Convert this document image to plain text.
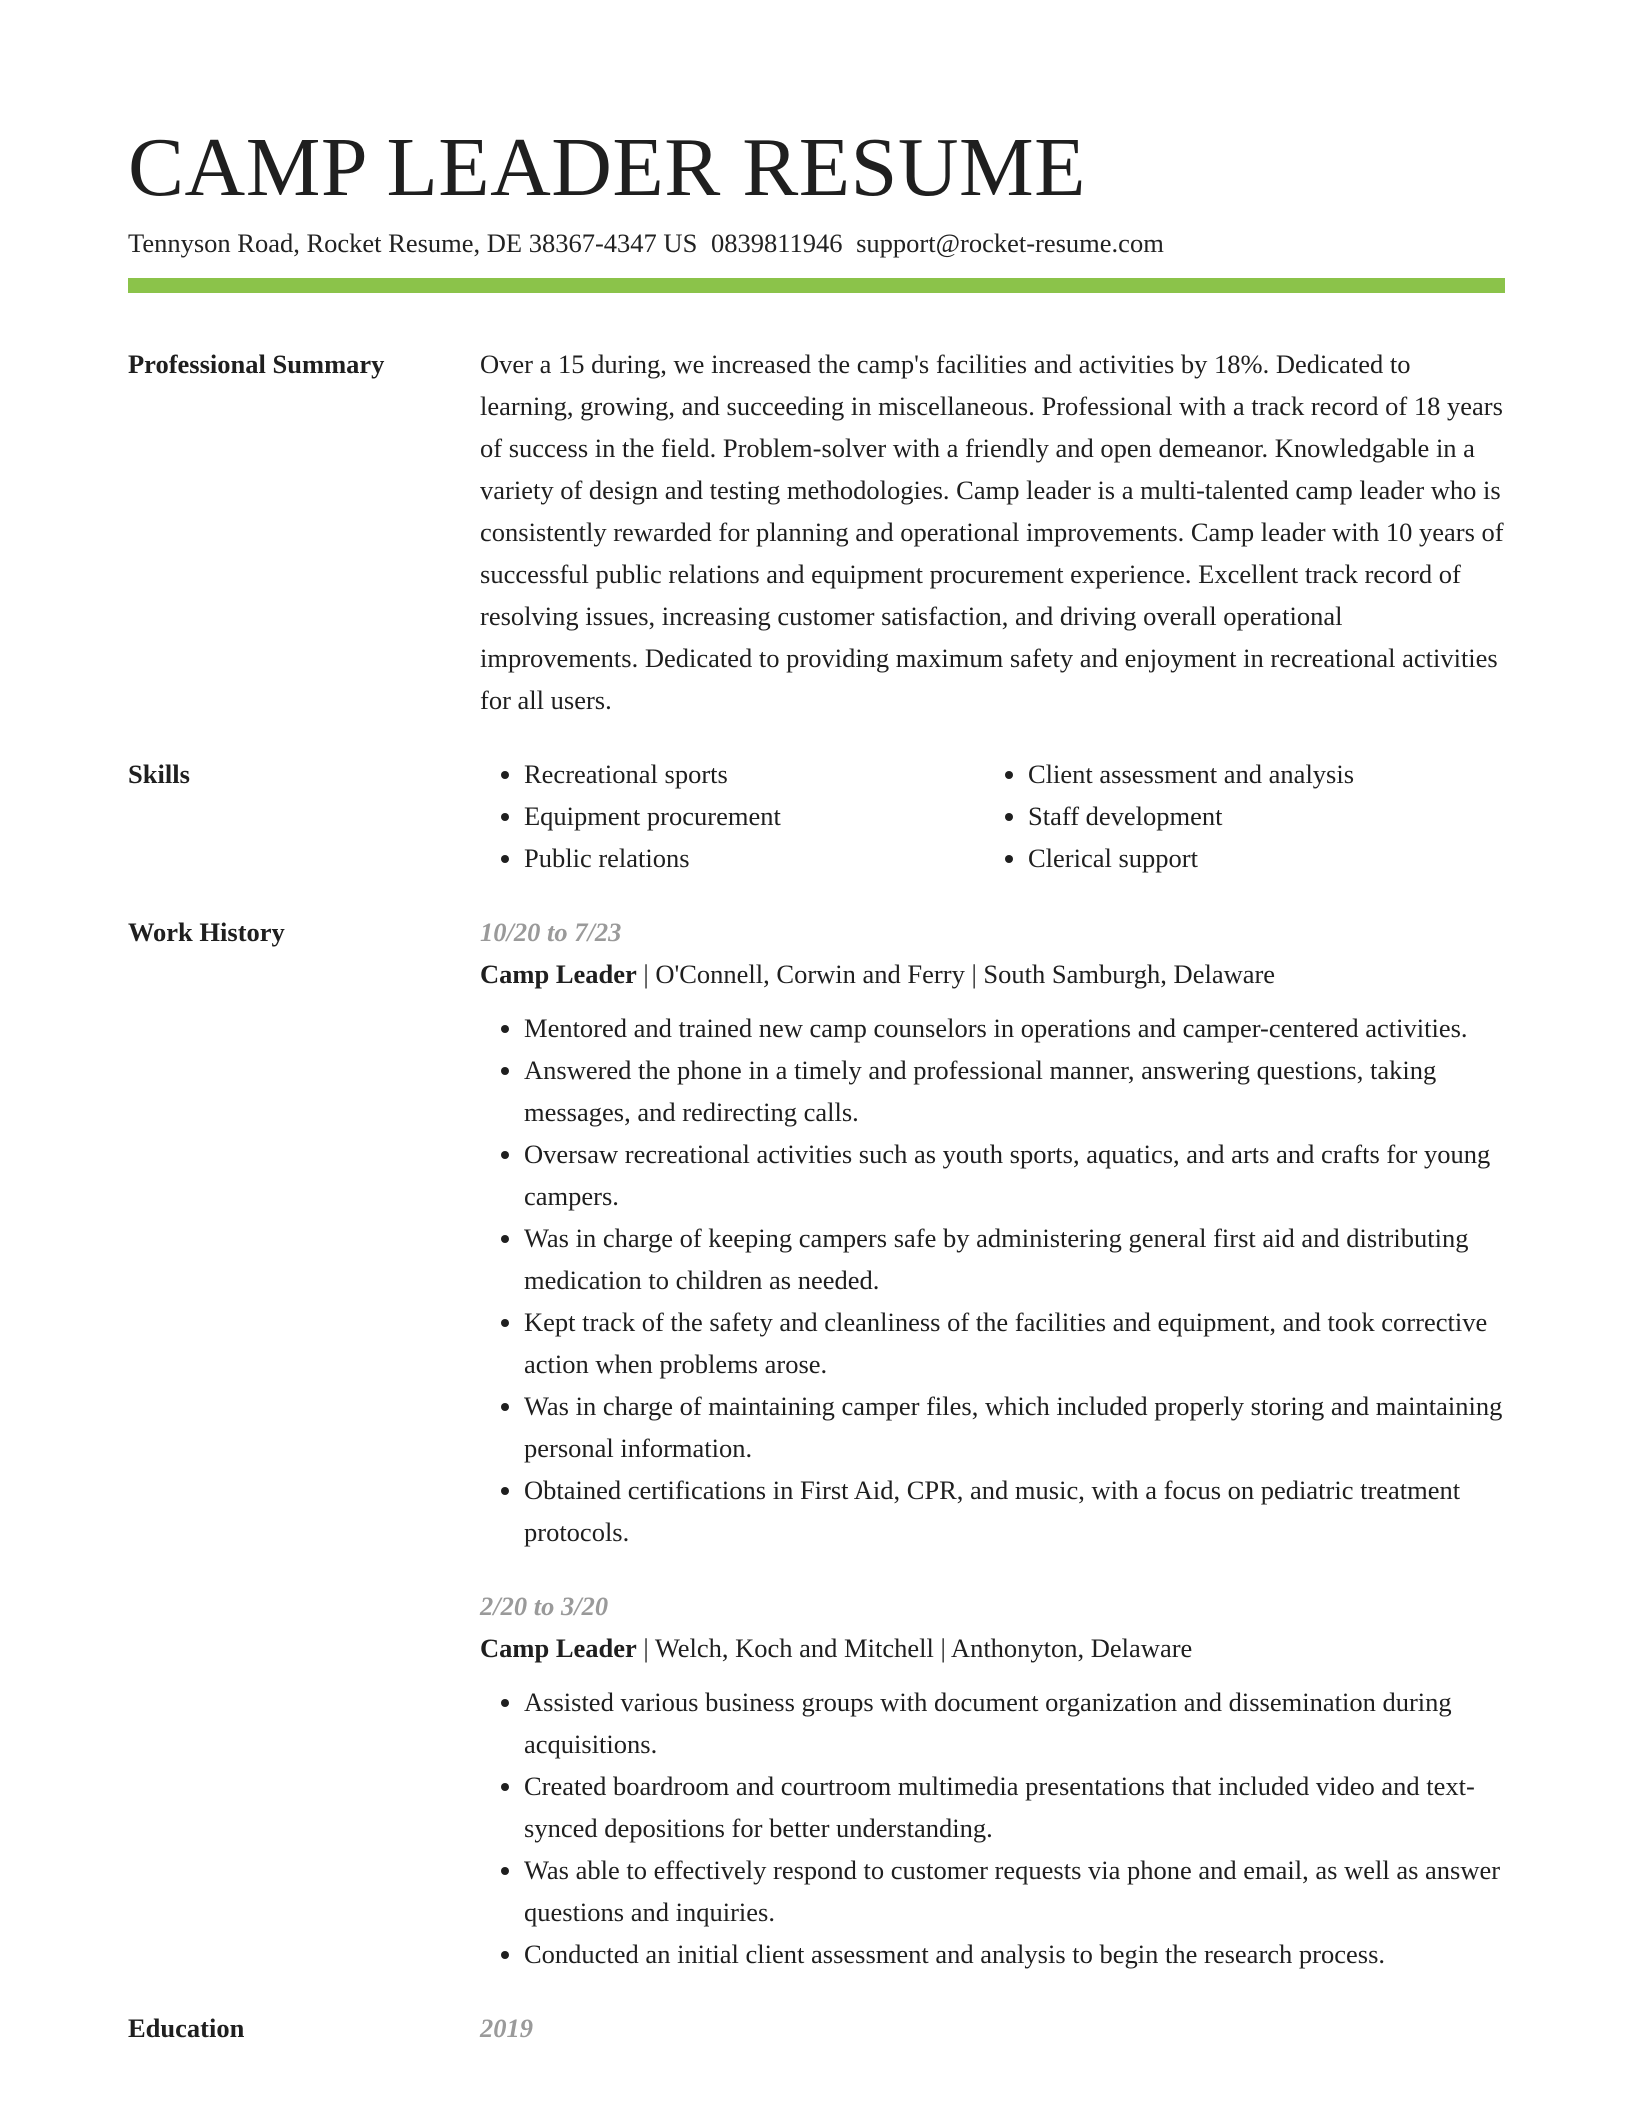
CAMP LEADER RESUME
Tennyson Road, Rocket Resume, DE 38367-4347 US 0839811946 support@rocket-resume.com
Professional Summary	Over a 15 during, we increased the camp's facilities and activities by 18%. Dedicated to learning, growing, and succeeding in miscellaneous. Professional with a track record of 18 years of success in the field. Problem-solver with a friendly and open demeanor. Knowledgable in a variety of design and testing methodologies. Camp leader is a multi-talented camp leader who is consistently rewarded for planning and operational improvements. Camp leader with 10 years of successful public relations and equipment procurement experience. Excellent track record of resolving issues, increasing customer satisfaction, and driving overall operational improvements. Dedicated to providing maximum safety and enjoyment in recreational activities for all users.

Skills
•	Recreational sports
• Equipment procurement
• Public relations
• Client assessment and analysis
• Staff development
• Clerical support
Work History	10/20 to 7/23
Camp Leader | O'Connell, Corwin and Ferry | South Samburgh, Delaware
• Mentored and trained new camp counselors in operations and camper-centered activities.
• Answered the phone in a timely and professional manner, answering questions, taking messages, and redirecting calls.
• Oversaw recreational activities such as youth sports, aquatics, and arts and crafts for young campers.
• Was in charge of keeping campers safe by administering general first aid and distributing medication to children as needed.
• Kept track of the safety and cleanliness of the facilities and equipment, and took corrective action when problems arose.
• Was in charge of maintaining camper files, which included properly storing and maintaining personal information.
• Obtained certifications in First Aid, CPR, and music, with a focus on pediatric treatment protocols.
2/20 to 3/20
Camp Leader | Welch, Koch and Mitchell | Anthonyton, Delaware
• Assisted various business groups with document organization and dissemination during acquisitions.
• Created boardroom and courtroom multimedia presentations that included video and text-synced depositions for better understanding.
• Was able to effectively respond to customer requests via phone and email, as well as answer questions and inquiries.
• Conducted an initial client assessment and analysis to begin the research process.
Education	2019
